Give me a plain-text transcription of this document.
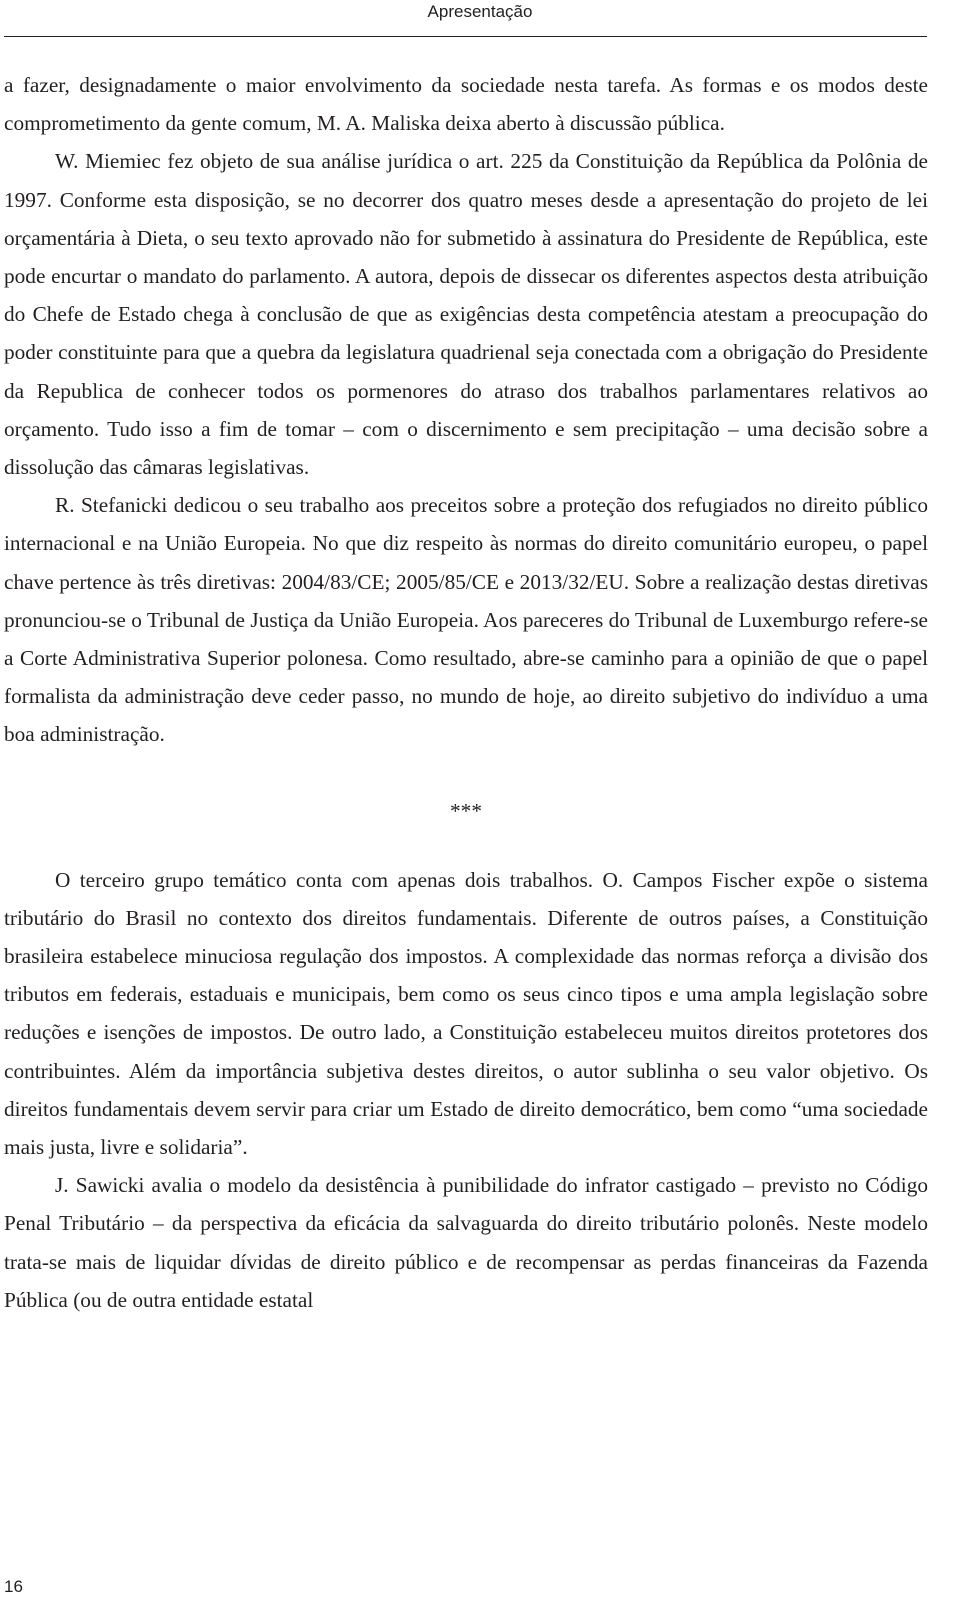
Apresentação

a fazer, designadamente o maior envolvimento da sociedade nesta tarefa. As formas e os modos deste comprometimento da gente comum, M. A. Maliska deixa aberto à discussão pública.

W. Miemiec fez objeto de sua análise jurídica o art. 225 da Constituição da República da Polônia de 1997. Conforme esta disposição, se no decorrer dos quatro meses desde a apresentação do projeto de lei orçamentária à Dieta, o seu texto aprovado não for submetido à assinatura do Presidente de República, este pode encurtar o mandato do parlamento. A autora, depois de dissecar os diferentes aspectos desta atribuição do Chefe de Estado chega à conclusão de que as exigências desta competência atestam a preocupação do poder constituinte para que a quebra da legislatura quadrienal seja conectada com a obrigação do Presidente da Republica de conhecer todos os pormenores do atraso dos trabalhos parlamentares relativos ao orçamento. Tudo isso a fim de tomar – com o discernimento e sem precipitação – uma decisão sobre a dissolução das câmaras legislativas.

R. Stefanicki dedicou o seu trabalho aos preceitos sobre a proteção dos refugiados no direito público internacional e na União Europeia. No que diz respeito às normas do direito comunitário europeu, o papel chave pertence às três diretivas: 2004/83/CE; 2005/85/CE e 2013/32/EU. Sobre a realização destas diretivas pronunciou-se o Tribunal de Justiça da União Europeia. Aos pareceres do Tribunal de Luxemburgo refere-se a Corte Administrativa Superior polonesa. Como resultado, abre-se caminho para a opinião de que o papel formalista da administração deve ceder passo, no mundo de hoje, ao direito subjetivo do indivíduo a uma boa administração.

***

O terceiro grupo temático conta com apenas dois trabalhos. O. Campos Fischer expõe o sistema tributário do Brasil no contexto dos direitos fundamentais. Diferente de outros países, a Constituição brasileira estabelece minuciosa regulação dos impostos. A complexidade das normas reforça a divisão dos tributos em federais, estaduais e municipais, bem como os seus cinco tipos e uma ampla legislação sobre reduções e isenções de impostos. De outro lado, a Constituição estabeleceu muitos direitos protetores dos contribuintes. Além da importância subjetiva destes direitos, o autor sublinha o seu valor objetivo. Os direitos fundamentais devem servir para criar um Estado de direito democrático, bem como “uma sociedade mais justa, livre e solidaria”.

J. Sawicki avalia o modelo da desistência à punibilidade do infrator castigado – previsto no Código Penal Tributário – da perspectiva da eficácia da salvaguarda do direito tributário polonês. Neste modelo trata-se mais de liquidar dívidas de direito público e de recompensar as perdas financeiras da Fazenda Pública (ou de outra entidade estatal

16
